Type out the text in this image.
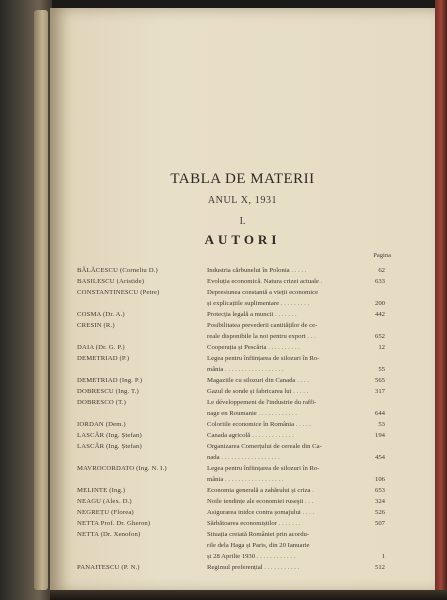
TABLA DE MATERII
ANUL X, 1931
I.
AUTORI
Pagina
BĂLĂCESCU (Corneliu D.)	Industria cărbunelui în Polonia . . . . .	62
BASILESCU (Aristide)	Evoluția economică. Natura crizei actuale .	633
CONSTANTINESCU (Petre)	Depresiunea constantă a vieții economice
și explicațiile suplimentare . . . . . . . . .	200
COSMA (Dr. A.)	Protecția legală a muncii . . . . . . .	442
CRESIN (R.)	Posibilitatea prevederii cantităților de ce-
reale disponibile la noi pentru export . . .	652
DAIA (Dr. G. P.)	Cooperația și Pescăria . . . . . . . . . .	12
DEMETRIAD (P.)	Legea pentru înființarea de silozuri în Ro-
mânia . . . . . . . . . . . . . . . . . .	55
DEMETRIAD (Ing. P.)	Magaziile cu silozuri din Canada . . . .	565
DOBRESCU (Ing. T.)	Gazul de sonde și fabricarea lui . . . . .	317
DOBRESCO (T.)	Le développement de l'industrie du raffi-
nage en Roumanie . . . . . . . . . . . .	644
IORDAN (Dem.)	Coloriile economice în România . . . . .	53
LASCĂR (Ing. Ștefan)	Canada agricolă . . . . . . . . . . . . .	194
LASCĂR (Ing. Ștefan)	Organizarea Comerțului de cereale din Ca-
nada . . . . . . . . . . . . . . . . . .	454
MAVROCORDATO (Ing. N. I.)	Legea pentru înființarea de silozuri în Ro-
mânia . . . . . . . . . . . . . . . . . .	106
MELINTE (Ing.)	Economia generală a zahărului și criza .	653
NEAGU (Alex. D.)	Noile tendințe ale economiei ruseşti . . .	324
NEGREȚU (Florea)	Asigurarea inidce contra șomajului . . . .	526
NETTA Prof. Dr. Gheron)	Sărbătoarea economiștilor . . . . . . .	507
NETTA (Dr. Xenofon)	Situația creiată României prin acordu-
rile dela Haga și Paris, din 20 Ianuarie
și 28 Aprilie 1930 . . . . . . . . . . . .	1
PANAITESCU (P. N.)	Regimul preferențial . . . . . . . . . . .	512
